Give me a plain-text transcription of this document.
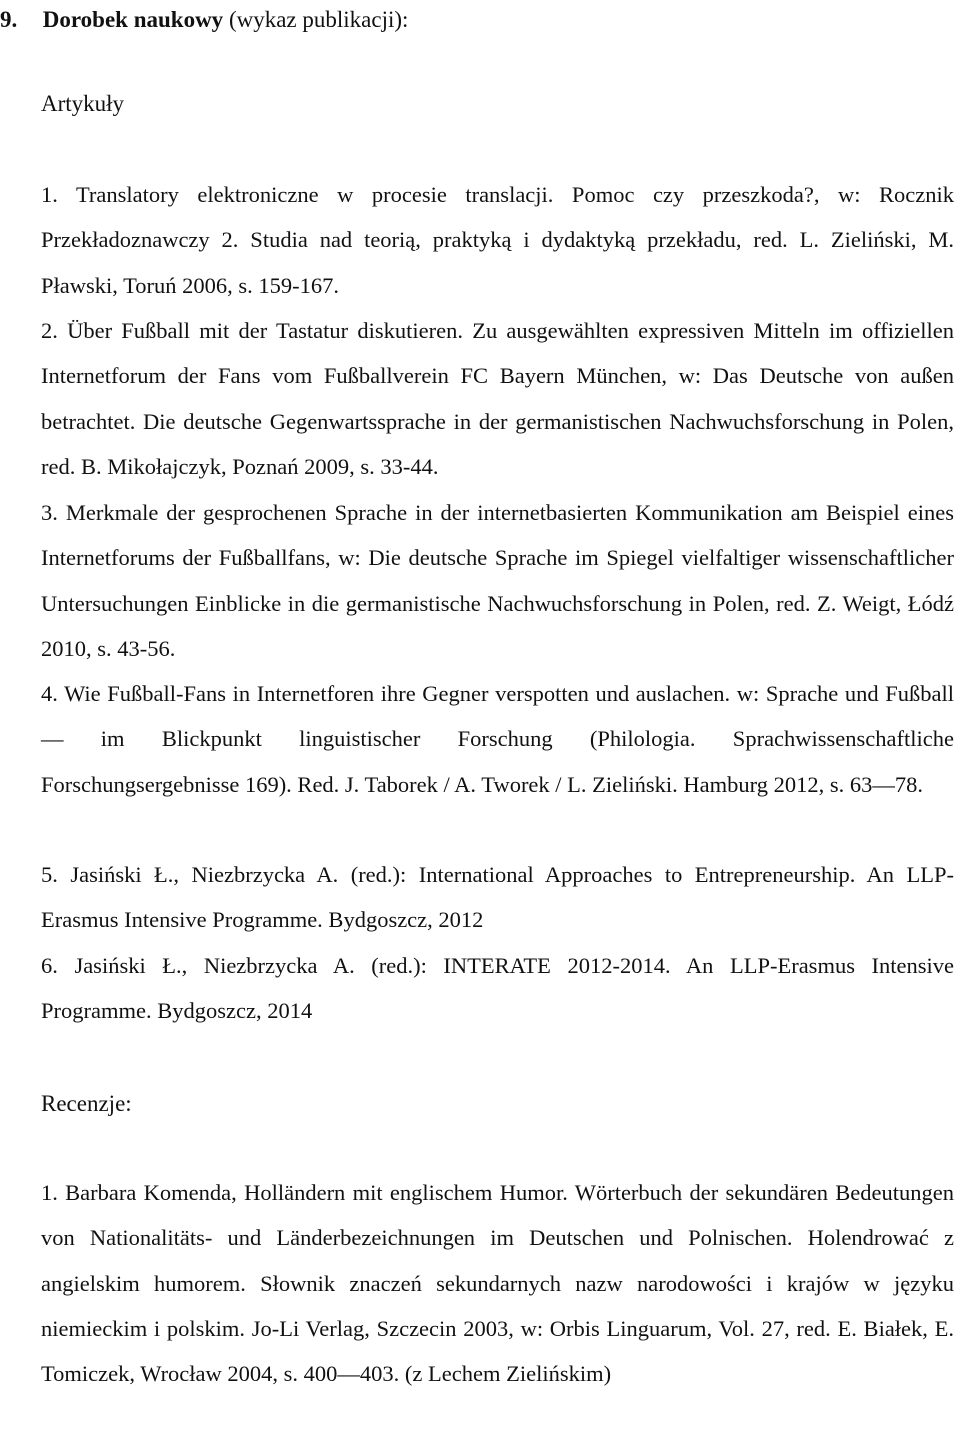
9. Dorobek naukowy (wykaz publikacji):
Artykuły
1. Translatory elektroniczne w procesie translacji. Pomoc czy przeszkoda?, w: Rocznik Przekładoznawczy 2. Studia nad teorią, praktyką i dydaktyką przekładu, red. L. Zieliński, M. Pławski, Toruń 2006, s. 159-167.
2. Über Fußball mit der Tastatur diskutieren. Zu ausgewählten expressiven Mitteln im offiziellen Internetforum der Fans vom Fußballverein FC Bayern München, w: Das Deutsche von außen betrachtet. Die deutsche Gegenwartssprache in der germanistischen Nachwuchsforschung in Polen, red. B. Mikołajczyk, Poznań 2009, s. 33-44.
3. Merkmale der gesprochenen Sprache in der internetbasierten Kommunikation am Beispiel eines Internetforums der Fußballfans, w: Die deutsche Sprache im Spiegel vielfaltiger wissenschaftlicher Untersuchungen Einblicke in die germanistische Nachwuchsforschung in Polen, red. Z. Weigt, Łódź 2010, s. 43-56.
4. Wie Fußball-Fans in Internetforen ihre Gegner verspotten und auslachen. w: Sprache und Fußball — im Blickpunkt linguistischer Forschung (Philologia. Sprachwissenschaftliche Forschungsergebnisse 169). Red. J. Taborek / A. Tworek / L. Zieliński. Hamburg 2012, s. 63—78.
5. Jasiński Ł., Niezbrzycka A. (red.): International Approaches to Entrepreneurship. An LLP-Erasmus Intensive Programme. Bydgoszcz, 2012
6. Jasiński Ł., Niezbrzycka A. (red.): INTERATE 2012-2014. An LLP-Erasmus Intensive Programme. Bydgoszcz, 2014
Recenzje:
1. Barbara Komenda, Holländern mit englischem Humor. Wörterbuch der sekundären Bedeutungen von Nationalitäts- und Länderbezeichnungen im Deutschen und Polnischen. Holendrować z angielskim humorem. Słownik znaczeń sekundarnych nazw narodowości i krajów w języku niemieckim i polskim. Jo-Li Verlag, Szczecin 2003, w: Orbis Linguarum, Vol. 27, red. E. Białek, E. Tomiczek, Wrocław 2004, s. 400—403. (z Lechem Zielińskim)
